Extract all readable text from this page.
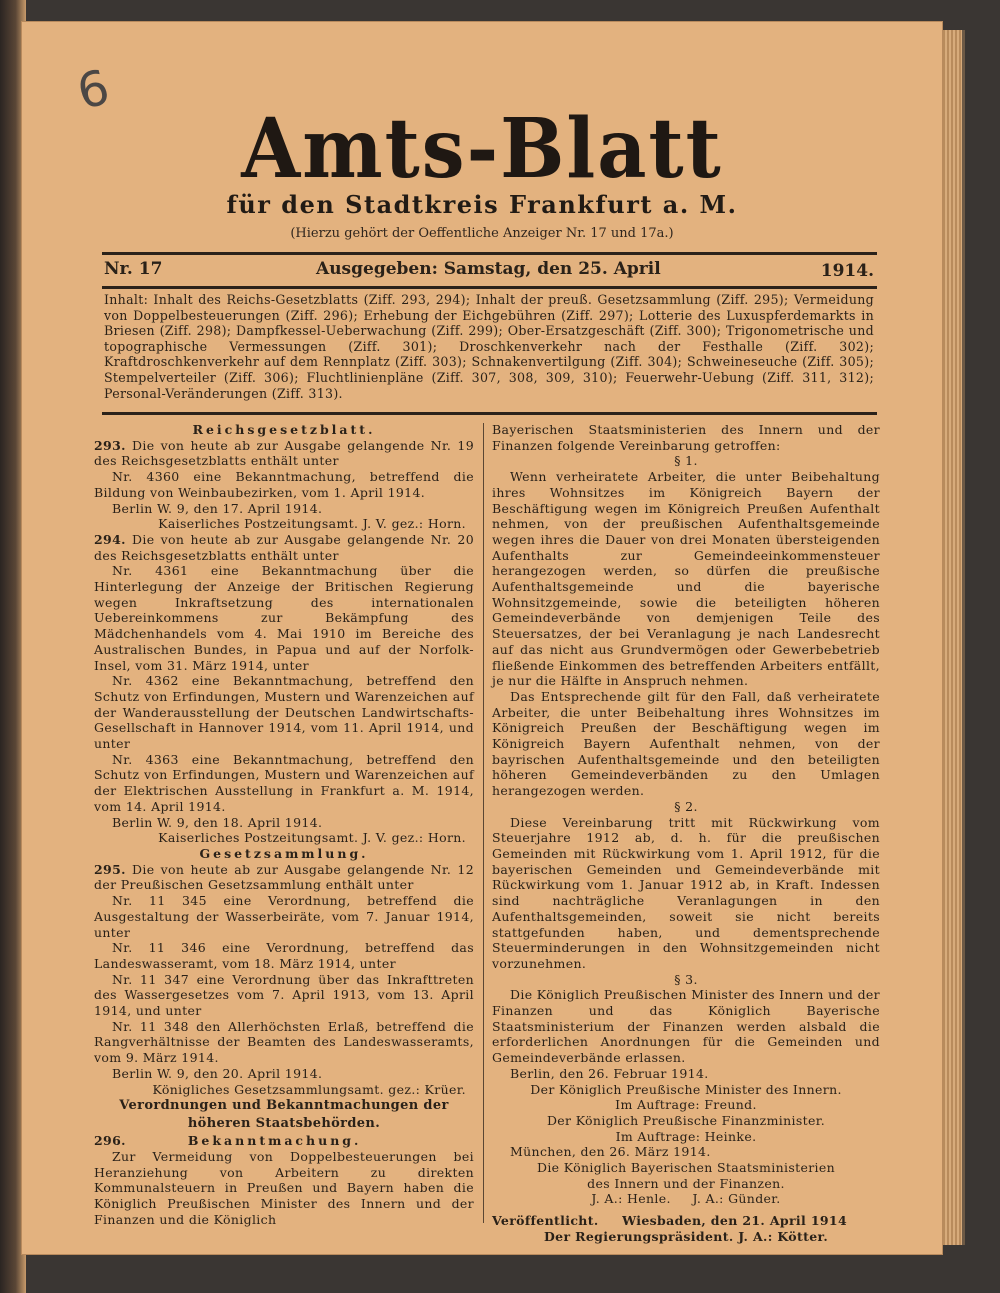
6
Amts-Blatt
für den Stadtkreis Frankfurt a. M.
(Hierzu gehört der Oeffentliche Anzeiger Nr. 17 und 17a.)
Nr. 17	Ausgegeben: Samstag, den 25. April	1914.
Inhalt: Inhalt des Reichs-Gesetzblatts (Ziff. 293, 294); Inhalt der preuß. Gesetzsammlung (Ziff. 295); Vermeidung von Doppelbesteuerungen (Ziff. 296); Erhebung der Eichgebühren (Ziff. 297); Lotterie des Luxuspferdemarkts in Briesen (Ziff. 298); Dampfkessel-Ueberwachung (Ziff. 299); Ober-Ersatzgeschäft (Ziff. 300); Trigonometrische und topographische Vermessungen (Ziff. 301); Droschkenverkehr nach der Festhalle (Ziff. 302); Kraftdroschkenverkehr auf dem Rennplatz (Ziff. 303); Schnakenvertilgung (Ziff. 304); Schweineseuche (Ziff. 305); Stempelverteiler (Ziff. 306); Fluchtlinienpläne (Ziff. 307, 308, 309, 310); Feuerwehr-Uebung (Ziff. 311, 312); Personal-Veränderungen (Ziff. 313).
Reichsgesetzblatt.
293. Die von heute ab zur Ausgabe gelangende Nr. 19 des Reichsgesetzblatts enthält unter
Nr. 4360 eine Bekanntmachung, betreffend die Bildung von Weinbaubezirken, vom 1. April 1914.
Berlin W. 9, den 17. April 1914.
Kaiserliches Postzeitungsamt. J. V. gez.: Horn.
294. Die von heute ab zur Ausgabe gelangende Nr. 20 des Reichsgesetzblatts enthält unter
Nr. 4361 eine Bekanntmachung über die Hinterlegung der Anzeige der Britischen Regierung wegen Inkraftsetzung des internationalen Uebereinkommens zur Bekämpfung des Mädchenhandels vom 4. Mai 1910 im Bereiche des Australischen Bundes, in Papua und auf der Norfolk-Insel, vom 31. März 1914, unter
Nr. 4362 eine Bekanntmachung, betreffend den Schutz von Erfindungen, Mustern und Warenzeichen auf der Wanderausstellung der Deutschen Landwirtschafts-Gesellschaft in Hannover 1914, vom 11. April 1914, und unter
Nr. 4363 eine Bekanntmachung, betreffend den Schutz von Erfindungen, Mustern und Warenzeichen auf der Elektrischen Ausstellung in Frankfurt a. M. 1914, vom 14. April 1914.
Berlin W. 9, den 18. April 1914.
Kaiserliches Postzeitungsamt. J. V. gez.: Horn.
Gesetzsammlung.
295. Die von heute ab zur Ausgabe gelangende Nr. 12 der Preußischen Gesetzsammlung enthält unter
Nr. 11 345 eine Verordnung, betreffend die Ausgestaltung der Wasserbeiräte, vom 7. Januar 1914, unter
Nr. 11 346 eine Verordnung, betreffend das Landeswasseramt, vom 18. März 1914, unter
Nr. 11 347 eine Verordnung über das Inkrafttreten des Wassergesetzes vom 7. April 1913, vom 13. April 1914, und unter
Nr. 11 348 den Allerhöchsten Erlaß, betreffend die Rangverhältnisse der Beamten des Landeswasseramts, vom 9. März 1914.
Berlin W. 9, den 20. April 1914.
Königliches Gesetzsammlungsamt. gez.: Krüer.
Verordnungen und Bekanntmachungen der höheren Staatsbehörden.
296.	Bekanntmachung.
Zur Vermeidung von Doppelbesteuerungen bei Heranziehung von Arbeitern zu direkten Kommunalsteuern in Preußen und Bayern haben die Königlich Preußischen Minister des Innern und der Finanzen und die Königlich
Bayerischen Staatsministerien des Innern und der Finanzen folgende Vereinbarung getroffen:
§ 1.
Wenn verheiratete Arbeiter, die unter Beibehaltung ihres Wohnsitzes im Königreich Bayern der Beschäftigung wegen im Königreich Preußen Aufenthalt nehmen, von der preußischen Aufenthaltsgemeinde wegen ihres die Dauer von drei Monaten übersteigenden Aufenthalts zur Gemeindeeinkommensteuer herangezogen werden, so dürfen die preußische Aufenthaltsgemeinde und die bayerische Wohnsitzgemeinde, sowie die beteiligten höheren Gemeindeverbände von demjenigen Teile des Steuersatzes, der bei Veranlagung je nach Landesrecht auf das nicht aus Grundvermögen oder Gewerbebetrieb fließende Einkommen des betreffenden Arbeiters entfällt, je nur die Hälfte in Anspruch nehmen.
Das Entsprechende gilt für den Fall, daß verheiratete Arbeiter, die unter Beibehaltung ihres Wohnsitzes im Königreich Preußen der Beschäftigung wegen im Königreich Bayern Aufenthalt nehmen, von der bayrischen Aufenthaltsgemeinde und den beteiligten höheren Gemeindeverbänden zu den Umlagen herangezogen werden.
§ 2.
Diese Vereinbarung tritt mit Rückwirkung vom Steuerjahre 1912 ab, d. h. für die preußischen Gemeinden mit Rückwirkung vom 1. April 1912, für die bayerischen Gemeinden und Gemeindeverbände mit Rückwirkung vom 1. Januar 1912 ab, in Kraft. Indessen sind nachträgliche Veranlagungen in den Aufenthaltsgemeinden, soweit sie nicht bereits stattgefunden haben, und dementsprechende Steuerminderungen in den Wohnsitzgemeinden nicht vorzunehmen.
§ 3.
Die Königlich Preußischen Minister des Innern und der Finanzen und das Königlich Bayerische Staatsministerium der Finanzen werden alsbald die erforderlichen Anordnungen für die Gemeinden und Gemeindeverbände erlassen.
Berlin, den 26. Februar 1914.
Der Königlich Preußische Minister des Innern.
Im Auftrage: Freund.
Der Königlich Preußische Finanzminister.
Im Auftrage: Heinke.
München, den 26. März 1914.
Die Königlich Bayerischen Staatsministerien
des Innern und der Finanzen.
J. A.: Henle.     J. A.: Günder.
Veröffentlicht.     Wiesbaden, den 21. April 1914
Der Regierungspräsident. J. A.: Kötter.
